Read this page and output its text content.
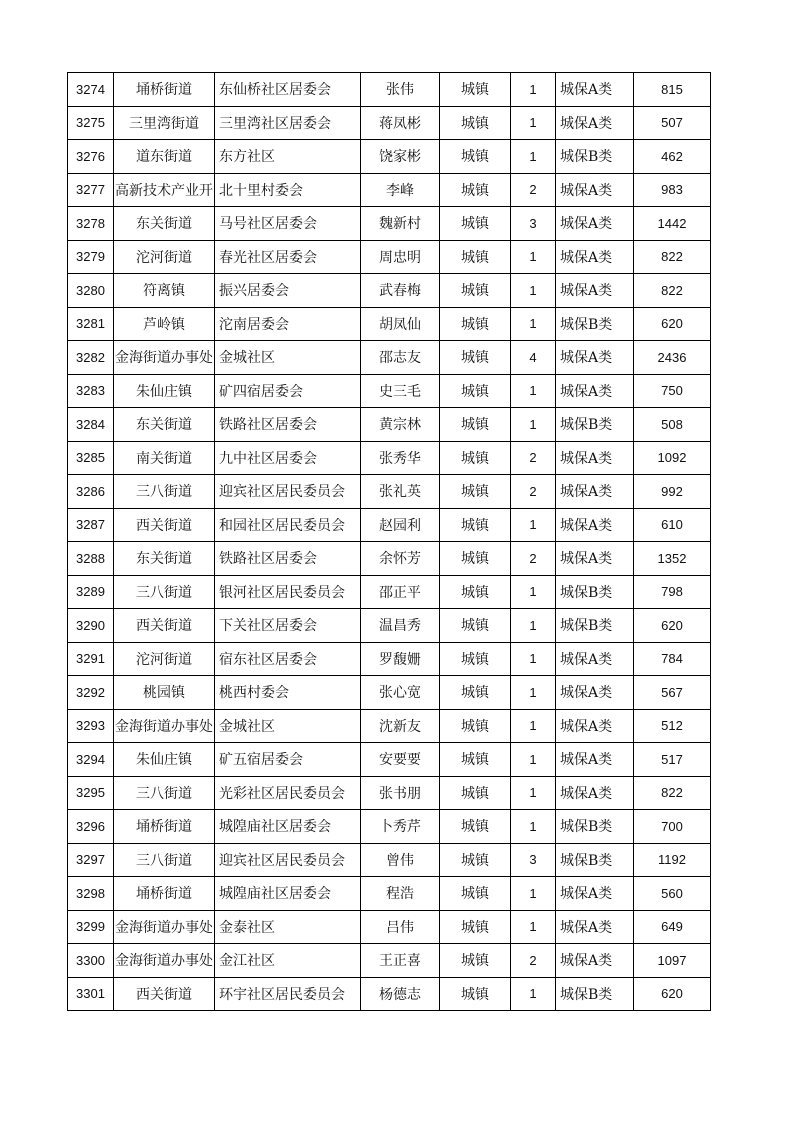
3274	埇桥街道	东仙桥社区居委会	张伟	城镇	1	城保A类	815
3275	三里湾街道	三里湾社区居委会	蒋凤彬	城镇	1	城保A类	507
3276	道东街道	东方社区	饶家彬	城镇	1	城保B类	462
3277	高新技术产业开	北十里村委会	李峰	城镇	2	城保A类	983
3278	东关街道	马号社区居委会	魏新村	城镇	3	城保A类	1442
3279	沱河街道	春光社区居委会	周忠明	城镇	1	城保A类	822
3280	符离镇	振兴居委会	武春梅	城镇	1	城保A类	822
3281	芦岭镇	沱南居委会	胡凤仙	城镇	1	城保B类	620
3282	金海街道办事处	金城社区	邵志友	城镇	4	城保A类	2436
3283	朱仙庄镇	矿四宿居委会	史三毛	城镇	1	城保A类	750
3284	东关街道	铁路社区居委会	黄宗林	城镇	1	城保B类	508
3285	南关街道	九中社区居委会	张秀华	城镇	2	城保A类	1092
3286	三八街道	迎宾社区居民委员会	张礼英	城镇	2	城保A类	992
3287	西关街道	和园社区居民委员会	赵园利	城镇	1	城保A类	610
3288	东关街道	铁路社区居委会	余怀芳	城镇	2	城保A类	1352
3289	三八街道	银河社区居民委员会	邵正平	城镇	1	城保B类	798
3290	西关街道	下关社区居委会	温昌秀	城镇	1	城保B类	620
3291	沱河街道	宿东社区居委会	罗馥姗	城镇	1	城保A类	784
3292	桃园镇	桃西村委会	张心宽	城镇	1	城保A类	567
3293	金海街道办事处	金城社区	沈新友	城镇	1	城保A类	512
3294	朱仙庄镇	矿五宿居委会	安要要	城镇	1	城保A类	517
3295	三八街道	光彩社区居民委员会	张书朋	城镇	1	城保A类	822
3296	埇桥街道	城隍庙社区居委会	卜秀芹	城镇	1	城保B类	700
3297	三八街道	迎宾社区居民委员会	曾伟	城镇	3	城保B类	1192
3298	埇桥街道	城隍庙社区居委会	程浩	城镇	1	城保A类	560
3299	金海街道办事处	金泰社区	吕伟	城镇	1	城保A类	649
3300	金海街道办事处	金江社区	王正喜	城镇	2	城保A类	1097
3301	西关街道	环宇社区居民委员会	杨德志	城镇	1	城保B类	620
